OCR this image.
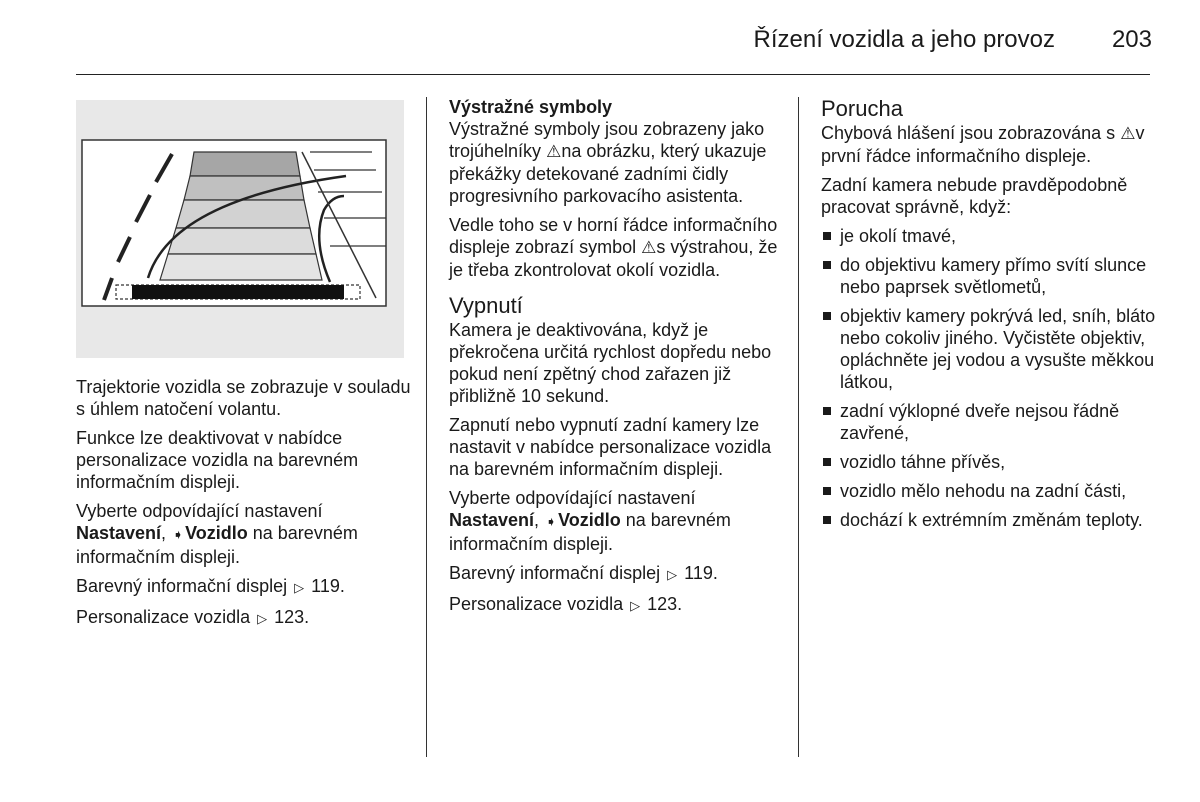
Řízení vozidla a jeho provoz 203

Trajektorie vozidla se zobrazuje v souladu s úhlem natočení volantu.

Funkce lze deaktivovat v nabídce personalizace vozidla na barevném informačním displeji.

Vyberte odpovídající nastavení
Nastavení, ➧Vozidlo na barevném informačním displeji.

Barevný informační displej ▷ 119.

Personalizace vozidla ▷ 123.

Výstražné symboly

Výstražné symboly jsou zobrazeny jako trojúhelníky ⚠na obrázku, který ukazuje překážky detekované zadními čidly progresivního parkovacího asistenta.

Vedle toho se v horní řádce informačního displeje zobrazí symbol ⚠s výstrahou, že je třeba zkontrolovat okolí vozidla.

Vypnutí

Kamera je deaktivována, když je překročena určitá rychlost dopředu nebo pokud není zpětný chod zařazen již přibližně 10 sekund.

Zapnutí nebo vypnutí zadní kamery lze nastavit v nabídce personalizace vozidla na barevném informačním displeji.

Vyberte odpovídající nastavení
Nastavení, ➧Vozidlo na barevném informačním displeji.

Barevný informační displej ▷ 119.

Personalizace vozidla ▷ 123.

Porucha

Chybová hlášení jsou zobrazována s ⚠v první řádce informačního displeje.

Zadní kamera nebude pravděpodobně pracovat správně, když:

je okolí tmavé,
do objektivu kamery přímo svítí slunce nebo paprsek světlometů,
objektiv kamery pokrývá led, sníh, bláto nebo cokoliv jiného. Vyčistěte objektiv, opláchněte jej vodou a vysušte měkkou látkou,
zadní výklopné dveře nejsou řádně zavřené,
vozidlo táhne přívěs,
vozidlo mělo nehodu na zadní části,
dochází k extrémním změnám teploty.
